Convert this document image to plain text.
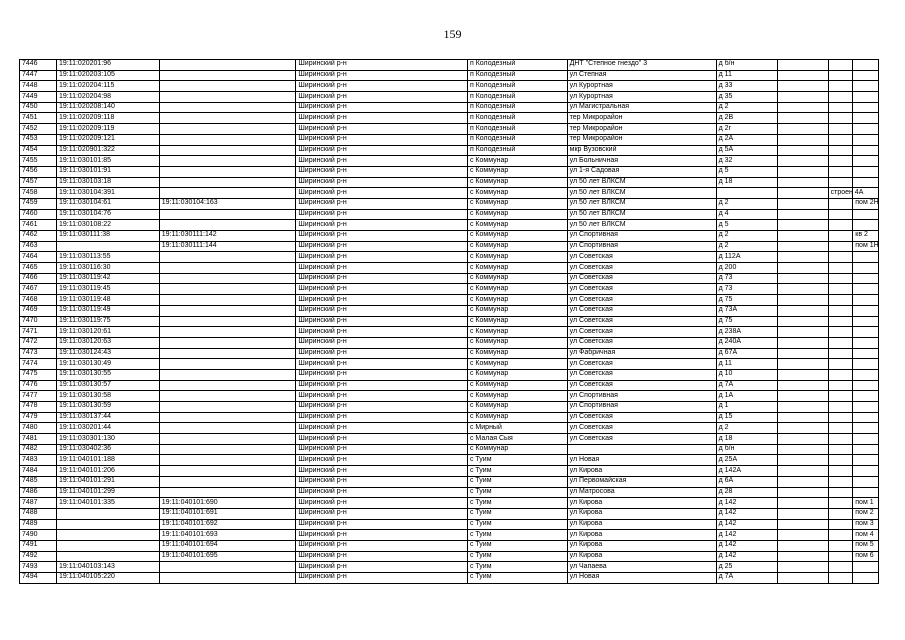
159
7446	19:11:020201:96		Ширинский р-н	п Колодезный	ДНТ "Степное гнездо" 3	д б/н			
7447	19:11:020203:105		Ширинский р-н	п Колодезный	ул Степная	д 11			
7448	19:11:020204:115		Ширинский р-н	п Колодезный	ул Курортная	д 33			
7449	19:11:020204:98		Ширинский р-н	п Колодезный	ул Курортная	д 35			
7450	19:11:020208:140		Ширинский р-н	п Колодезный	ул Магистральная	д 2			
7451	19:11:020209:118		Ширинский р-н	п Колодезный	тер Микрорайон	д 2В			
7452	19:11:020209:119		Ширинский р-н	п Колодезный	тер Микрорайон	д 2г			
7453	19:11:020209:121		Ширинский р-н	п Колодезный	тер Микрорайон	д 2А			
7454	19:11:020901:322		Ширинский р-н	п Колодезный	мкр Вузовский	д 5А			
7455	19:11:030101:85		Ширинский р-н	с Коммунар	ул Больничная	д 32			
7456	19:11:030101:91		Ширинский р-н	с Коммунар	ул 1-я Садовая	д 5			
7457	19:11:030103:18		Ширинский р-н	с Коммунар	ул 50 лет ВЛКСМ	д 18			
7458	19:11:030104:391		Ширинский р-н	с Коммунар	ул 50 лет ВЛКСМ			строен 4А	
7459	19:11:030104:61	19:11:030104:163	Ширинский р-н	с Коммунар	ул 50 лет ВЛКСМ	д 2			пом 2Н
7460	19:11:030104:76		Ширинский р-н	с Коммунар	ул 50 лет ВЛКСМ	д 4			
7461	19:11:030108:22		Ширинский р-н	с Коммунар	ул 50 лет ВЛКСМ	д 5			
7462	19:11:030111:38	19:11:030111:142	Ширинский р-н	с Коммунар	ул Спортивная	д 2			кв 2
7463		19:11:030111:144	Ширинский р-н	с Коммунар	ул Спортивная	д 2			пом 1Н
7464	19:11:030113:55		Ширинский р-н	с Коммунар	ул Советская	д 112А			
7465	19:11:030116:30		Ширинский р-н	с Коммунар	ул Советская	д 200			
7466	19:11:030119:42		Ширинский р-н	с Коммунар	ул Советская	д 73			
7467	19:11:030119:45		Ширинский р-н	с Коммунар	ул Советская	д 73			
7468	19:11:030119:48		Ширинский р-н	с Коммунар	ул Советская	д 75			
7469	19:11:030119:49		Ширинский р-н	с Коммунар	ул Советская	д 73А			
7470	19:11:030119:75		Ширинский р-н	с Коммунар	ул Советская	д 75			
7471	19:11:030120:61		Ширинский р-н	с Коммунар	ул Советская	д 238А			
7472	19:11:030120:63		Ширинский р-н	с Коммунар	ул Советская	д 240А			
7473	19:11:030124:43		Ширинский р-н	с Коммунар	ул Фабричная	д 67А			
7474	19:11:030130:49		Ширинский р-н	с Коммунар	ул Советская	д 11			
7475	19:11:030130:55		Ширинский р-н	с Коммунар	ул Советская	д 10			
7476	19:11:030130:57		Ширинский р-н	с Коммунар	ул Советская	д 7А			
7477	19:11:030130:58		Ширинский р-н	с Коммунар	ул Спортивная	д 1А			
7478	19:11:030130:59		Ширинский р-н	с Коммунар	ул Спортивная	д 1			
7479	19:11:030137:44		Ширинский р-н	с Коммунар	ул Советская	д 15			
7480	19:11:030201:44		Ширинский р-н	с Мирный	ул Советская	д 2			
7481	19:11:030301:130		Ширинский р-н	с Малая Сыя	ул Советская	д 18			
7482	19:11:030402:36		Ширинский р-н	с Коммунар		д б/н			
7483	19:11:040101:188		Ширинский р-н	с Туим	ул Новая	д 25А			
7484	19:11:040101:206		Ширинский р-н	с Туим	ул Кирова	д 142А			
7485	19:11:040101:291		Ширинский р-н	с Туим	ул Первомайская	д 6А			
7486	19:11:040101:299		Ширинский р-н	с Туим	ул Матросова	д 28			
7487	19:11:040101:335	19:11:040101:690	Ширинский р-н	с Туим	ул Кирова	д 142			пом 1
7488		19:11:040101:691	Ширинский р-н	с Туим	ул Кирова	д 142			пом 2
7489		19:11:040101:692	Ширинский р-н	с Туим	ул Кирова	д 142			пом 3
7490		19:11:040101:693	Ширинский р-н	с Туим	ул Кирова	д 142			пом 4
7491		19:11:040101:694	Ширинский р-н	с Туим	ул Кирова	д 142			пом 5
7492		19:11:040101:695	Ширинский р-н	с Туим	ул Кирова	д 142			пом 6
7493	19:11:040103:143		Ширинский р-н	с Туим	ул Чапаева	д 25			
7494	19:11:040105:220		Ширинский р-н	с Туим	ул Новая	д 7А			
